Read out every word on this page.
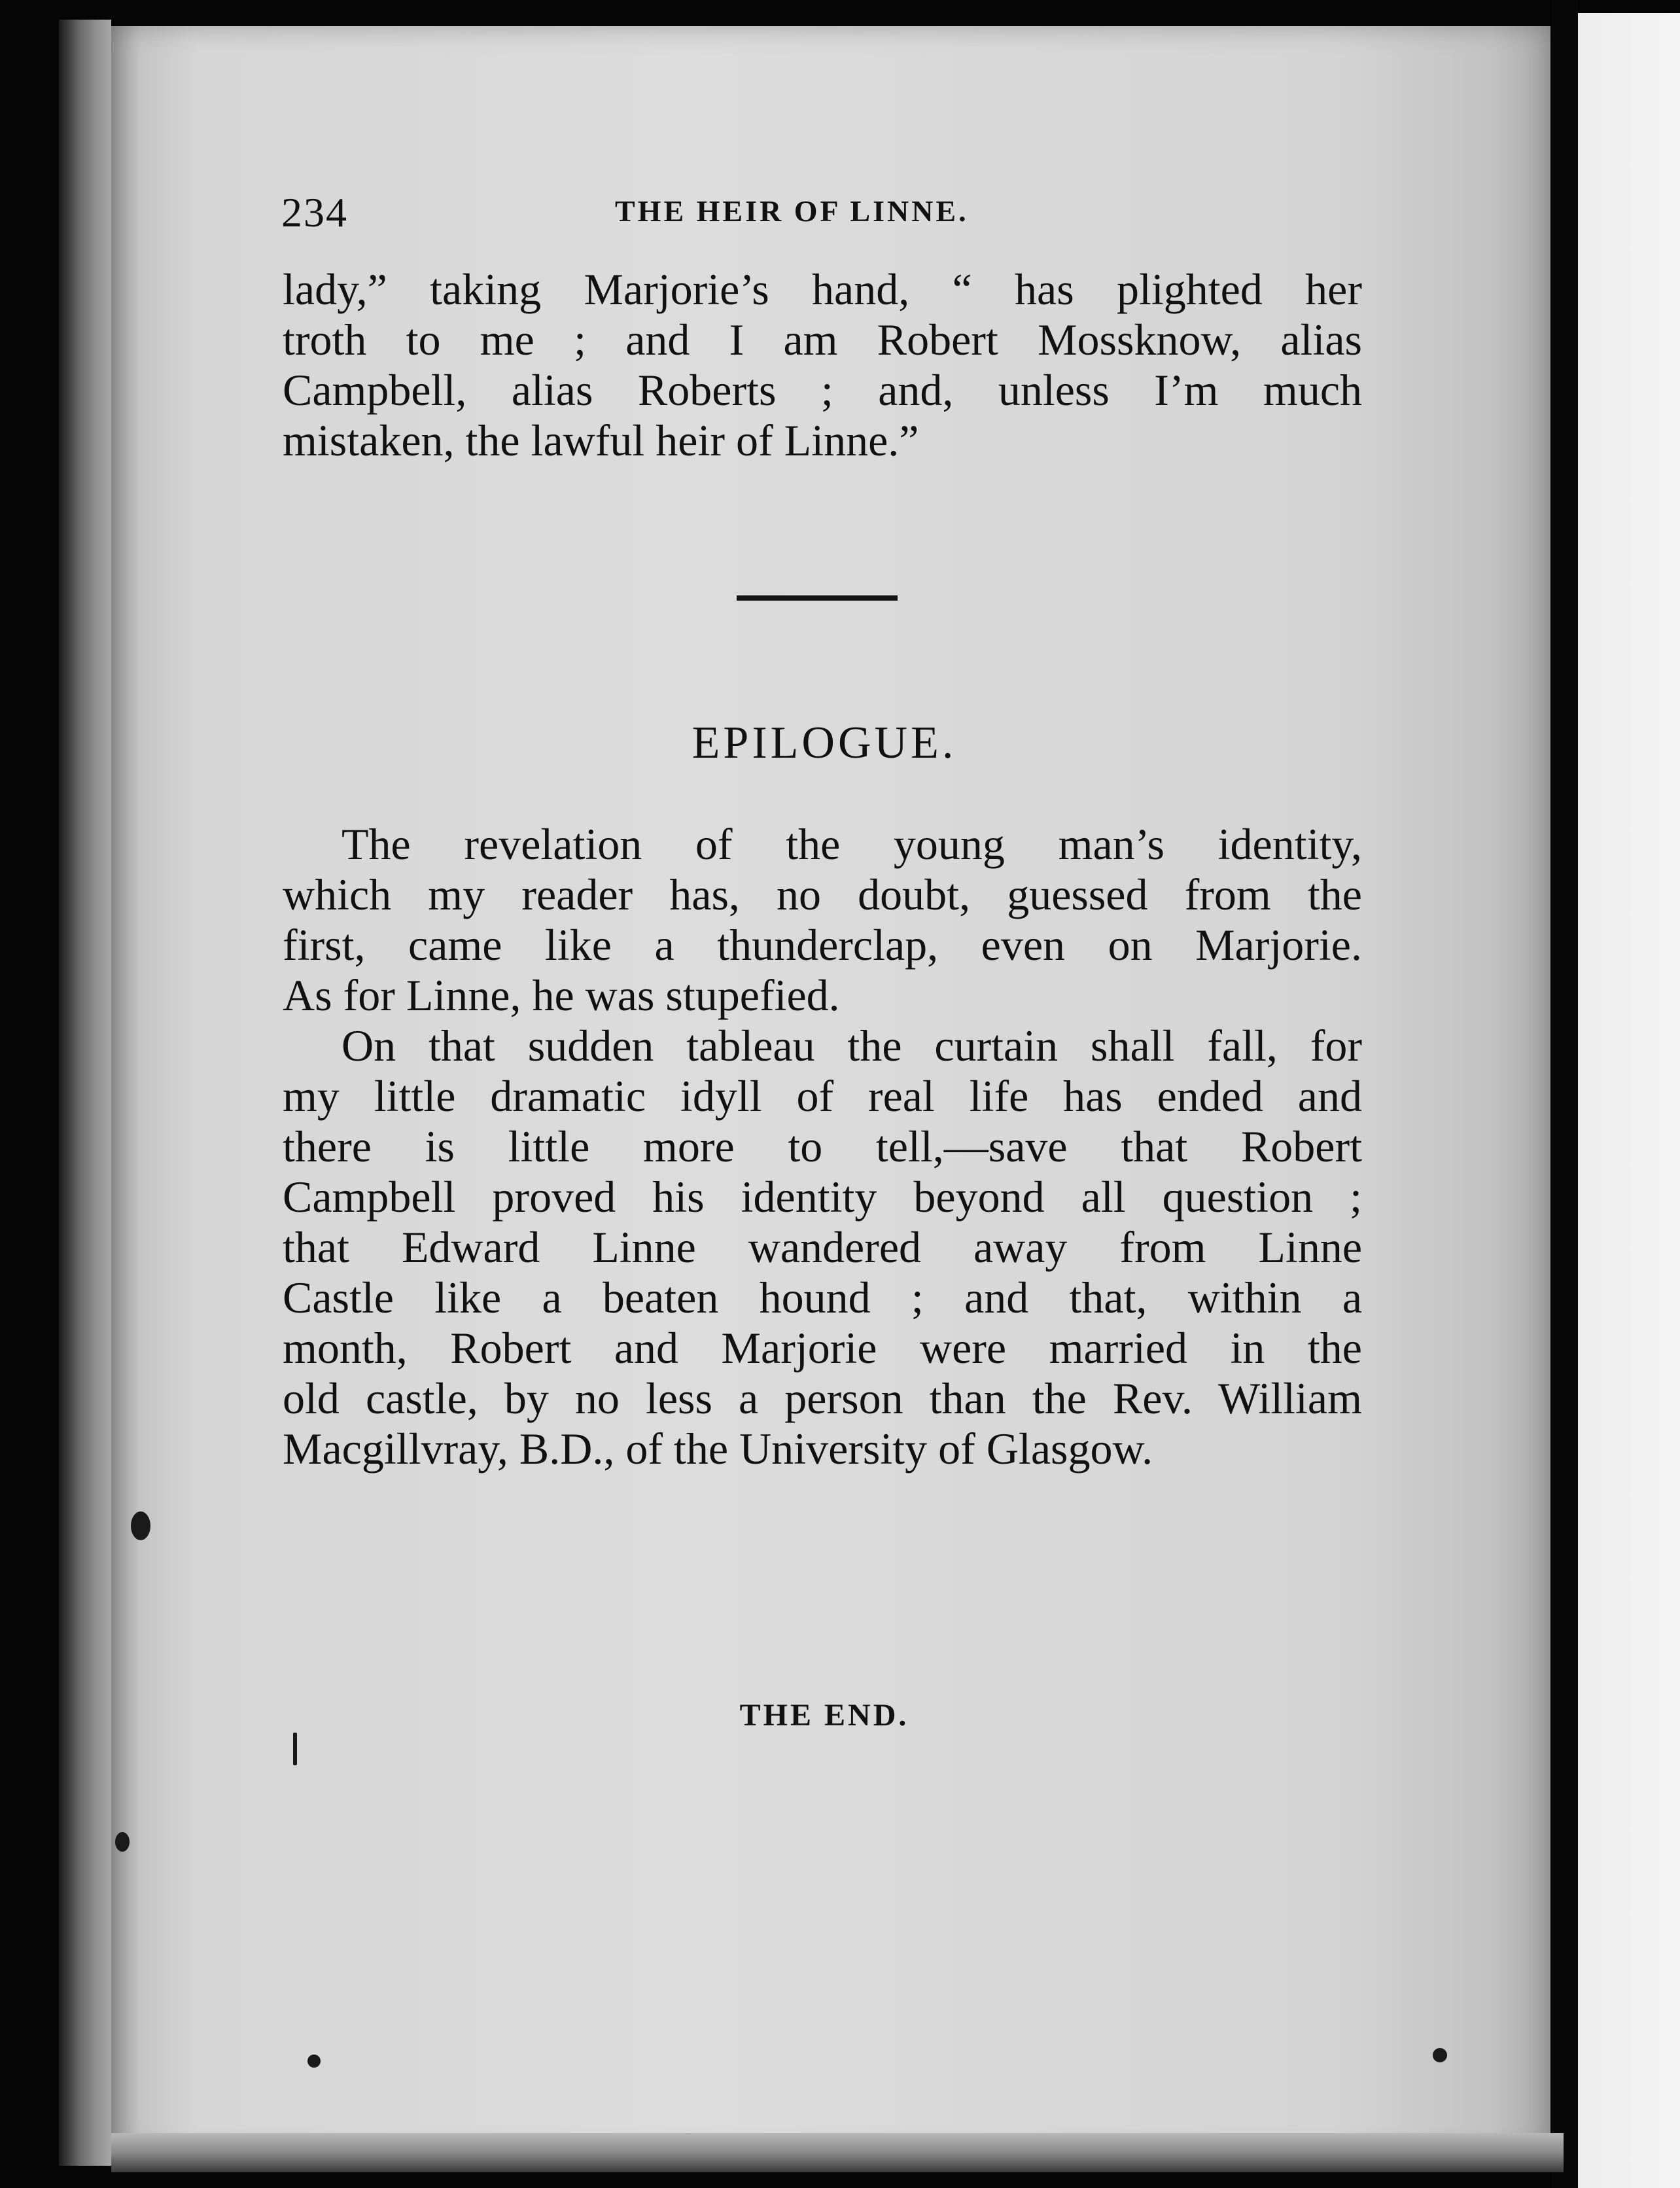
234	THE HEIR OF LINNE.
lady,” taking Marjorie’s hand, “ has plighted her
troth to me ; and I am Robert Mossknow, alias
Campbell, alias Roberts ; and, unless I’m much
mistaken, the lawful heir of Linne.”
EPILOGUE.
The revelation of the young man’s identity,
which my reader has, no doubt, guessed from the
first, came like a thunderclap, even on Marjorie.
As for Linne, he was stupefied.
On that sudden tableau the curtain shall fall, for
my little dramatic idyll of real life has ended and
there is little more to tell,—save that Robert
Campbell proved his identity beyond all question ;
that Edward Linne wandered away from Linne
Castle like a beaten hound ; and that, within a
month, Robert and Marjorie were married in the
old castle, by no less a person than the Rev. William
Macgillvray, B.D., of the University of Glasgow.
THE END.
